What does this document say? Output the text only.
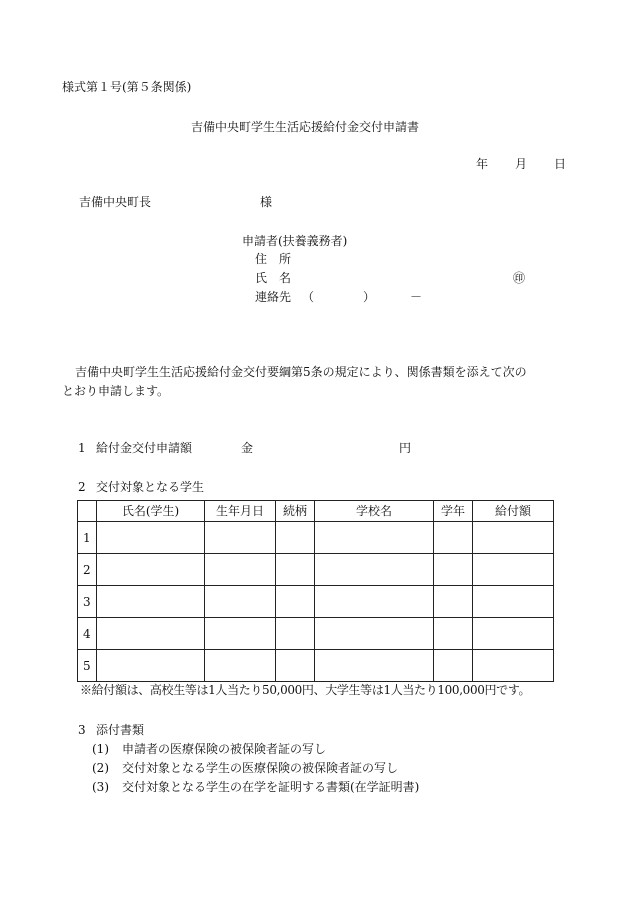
様式第１号(第５条関係)
吉備中央町学生生活応援給付金交付申請書
年 月 日
吉備中央町長	様
申請者(扶養義務者)
住　所
氏　名	㊞
連絡先 （	）	－
吉備中央町学生生活応援給付金交付要綱第5条の規定により、関係書類を添えて次の
とおり申請します。
1 給付金交付申請額	金	円
2 交付対象となる学生
	氏名(学生)	生年月日	続柄	学校名	学年	給付額
1						
2						
3						
4						
5						
※給付額は、高校生等は1人当たり50,000円、大学生等は1人当たり100,000円です。
3 添付書類
(1) 申請者の医療保険の被保険者証の写し
(2) 交付対象となる学生の医療保険の被保険者証の写し
(3) 交付対象となる学生の在学を証明する書類(在学証明書)
